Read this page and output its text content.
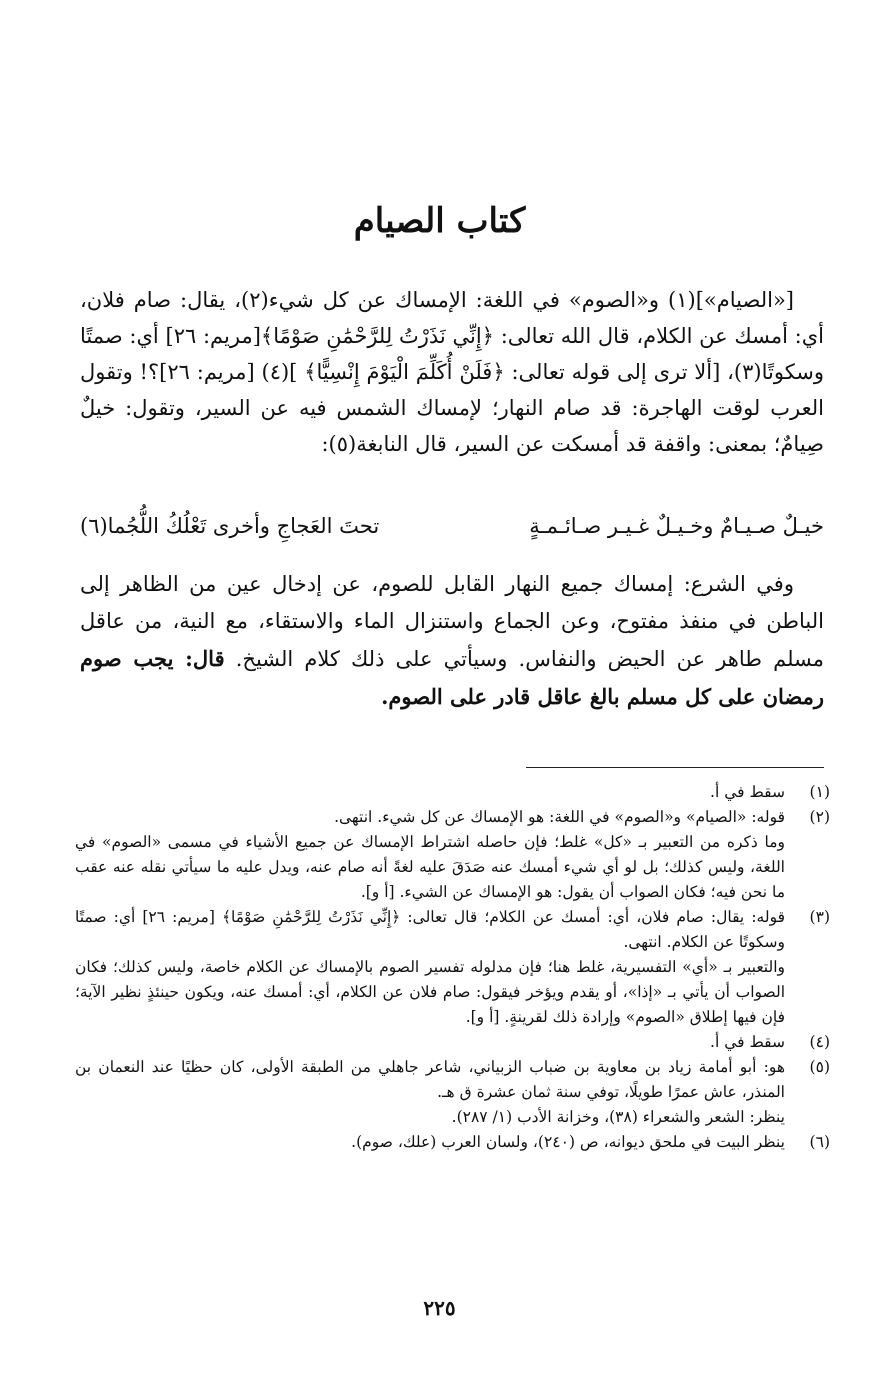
كتاب الصيام

[«الصيام»](١) و«الصوم» في اللغة: الإمساك عن كل شيء(٢)، يقال: صام فلان، أي: أمسك عن الكلام، قال الله تعالى: ﴿إِنِّي نَذَرْتُ لِلرَّحْمَٰنِ صَوْمًا﴾[مريم: ٢٦] أي: صمتًا وسكوتًا(٣)، [ألا ترى إلى قوله تعالى: ﴿فَلَنْ أُكَلِّمَ الْيَوْمَ إِنْسِيًّا﴾ ](٤) [مريم: ٢٦]؟! وتقول العرب لوقت الهاجرة: قد صام النهار؛ لإمساك الشمس فيه عن السير، وتقول: خيلٌ صِيامٌ؛ بمعنى: واقفة قد أمسكت عن السير، قال النابغة(٥):

خيـلٌ صـيـامٌ وخـيـلٌ غـيـر صـائـمـةٍ
تحتَ العَجاجِ وأخرى تَعْلُكُ اللُّجُما(٦)

وفي الشرع: إمساك جميع النهار القابل للصوم، عن إدخال عين من الظاهر إلى الباطن في منفذ مفتوح، وعن الجماع واستنزال الماء والاستقاء، مع النية، من عاقل مسلم طاهر عن الحيض والنفاس. وسيأتي على ذلك كلام الشيخ. قال: يجب صوم رمضان على كل مسلم بالغ عاقل قادر على الصوم.

(١)

سقط في أ.

(٢)

قوله: «الصيام» و«الصوم» في اللغة: هو الإمساك عن كل شيء. انتهى.

وما ذكره من التعبير بـ «كل» غلط؛ فإن حاصله اشتراط الإمساك عن جميع الأشياء في مسمى «الصوم» في اللغة، وليس كذلك؛ بل لو أي شيء أمسك عنه صَدَقَ عليه لغةً أنه صام عنه، ويدل عليه ما سيأتي نقله عنه عقب ما نحن فيه؛ فكان الصواب أن يقول: هو الإمساك عن الشيء. [أ و].

(٣)

قوله: يقال: صام فلان، أي: أمسك عن الكلام؛ قال تعالى: ﴿إِنِّي نَذَرْتُ لِلرَّحْمَٰنِ صَوْمًا﴾ [مريم: ٢٦] أي: صمتًا وسكوتًا عن الكلام. انتهى.

والتعبير بـ «أي» التفسيرية، غلط هنا؛ فإن مدلوله تفسير الصوم بالإمساك عن الكلام خاصة، وليس كذلك؛ فكان الصواب أن يأتي بـ «إذا»، أو يقدم ويؤخر فيقول: صام فلان عن الكلام، أي: أمسك عنه، ويكون حينئذٍ نظير الآية؛ فإن فيها إطلاق «الصوم» وإرادة ذلك لقرينةٍ. [أ و].

(٤)

سقط في أ.

(٥)

هو: أبو أمامة زياد بن معاوية بن ضباب الزبياني، شاعر جاهلي من الطبقة الأولى، كان حظيًا عند النعمان بن المنذر، عاش عمرًا طويلًا، توفي سنة ثمان عشرة ق هـ.

ينظر: الشعر والشعراء (٣٨)، وخزانة الأدب (١/ ٢٨٧).

(٦)

ينظر البيت في ملحق ديوانه، ص (٢٤٠)، ولسان العرب (علك، صوم).

٢٢٥
